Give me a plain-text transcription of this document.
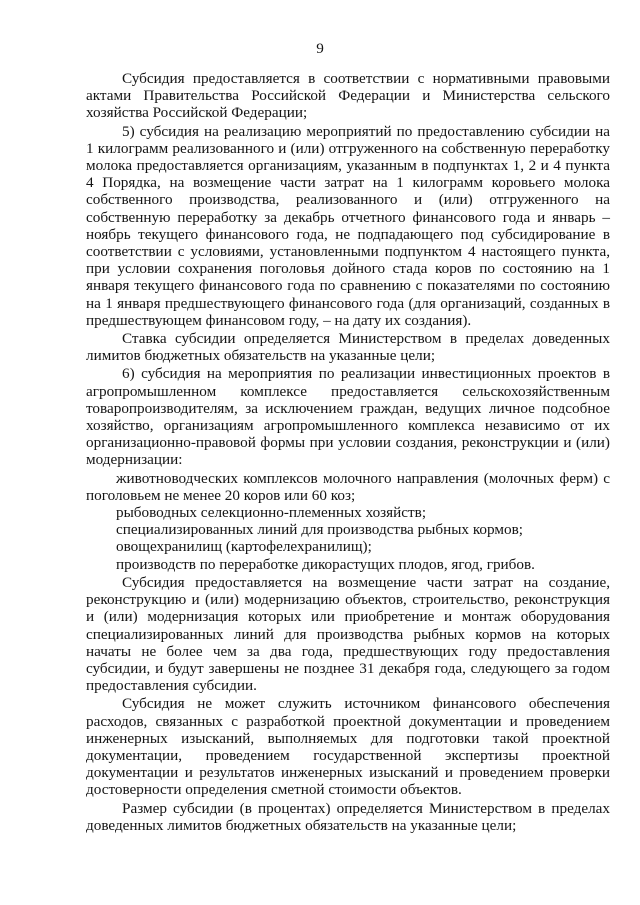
9

Субсидия предоставляется в соответствии с нормативными правовыми актами Правительства Российской Федерации и Министерства сельского хозяйства Российской Федерации;

5) субсидия на реализацию мероприятий по предоставлению субсидии на 1 килограмм реализованного и (или) отгруженного на собственную переработку молока предоставляется организациям, указанным в подпунктах 1, 2 и 4 пункта 4 Порядка, на возмещение части затрат на 1 килограмм коровьего молока собственного производства, реализованного и (или) отгруженного на собственную переработку за декабрь отчетного финансового года и январь – ноябрь текущего финансового года, не подпадающего под субсидирование в соответствии с условиями, установленными подпунктом 4 настоящего пункта, при условии сохранения поголовья дойного стада коров по состоянию на 1 января текущего финансового года по сравнению с показателями по состоянию на 1 января предшествующего финансового года (для организаций, созданных в предшествующем финансовом году, – на дату их создания).

Ставка субсидии определяется Министерством в пределах доведенных лимитов бюджетных обязательств на указанные цели;

6) субсидия на мероприятия по реализации инвестиционных проектов в агропромышленном комплексе предоставляется сельскохозяйственным товаропроизводителям, за исключением граждан, ведущих личное подсобное хозяйство, организациям агропромышленного комплекса независимо от их организационно-правовой формы при условии создания, реконструкции и (или) модернизации:

животноводческих комплексов молочного направления (молочных ферм) с поголовьем не менее 20 коров или 60 коз;

рыбоводных селекционно-племенных хозяйств;

специализированных линий для производства рыбных кормов;

овощехранилищ (картофелехранилищ);

производств по переработке дикорастущих плодов, ягод, грибов.

Субсидия предоставляется на возмещение части затрат на создание, реконструкцию и (или) модернизацию объектов, строительство, реконструкция и (или) модернизация которых или приобретение и монтаж оборудования специализированных линий для производства рыбных кормов на которых начаты не более чем за два года, предшествующих году предоставления субсидии, и будут завершены не позднее 31 декабря года, следующего за годом предоставления субсидии.

Субсидия не может служить источником финансового обеспечения расходов, связанных с разработкой проектной документации и проведением инженерных изысканий, выполняемых для подготовки такой проектной документации, проведением государственной экспертизы проектной документации и результатов инженерных изысканий и проведением проверки достоверности определения сметной стоимости объектов.

Размер субсидии (в процентах) определяется Министерством в пределах доведенных лимитов бюджетных обязательств на указанные цели;
